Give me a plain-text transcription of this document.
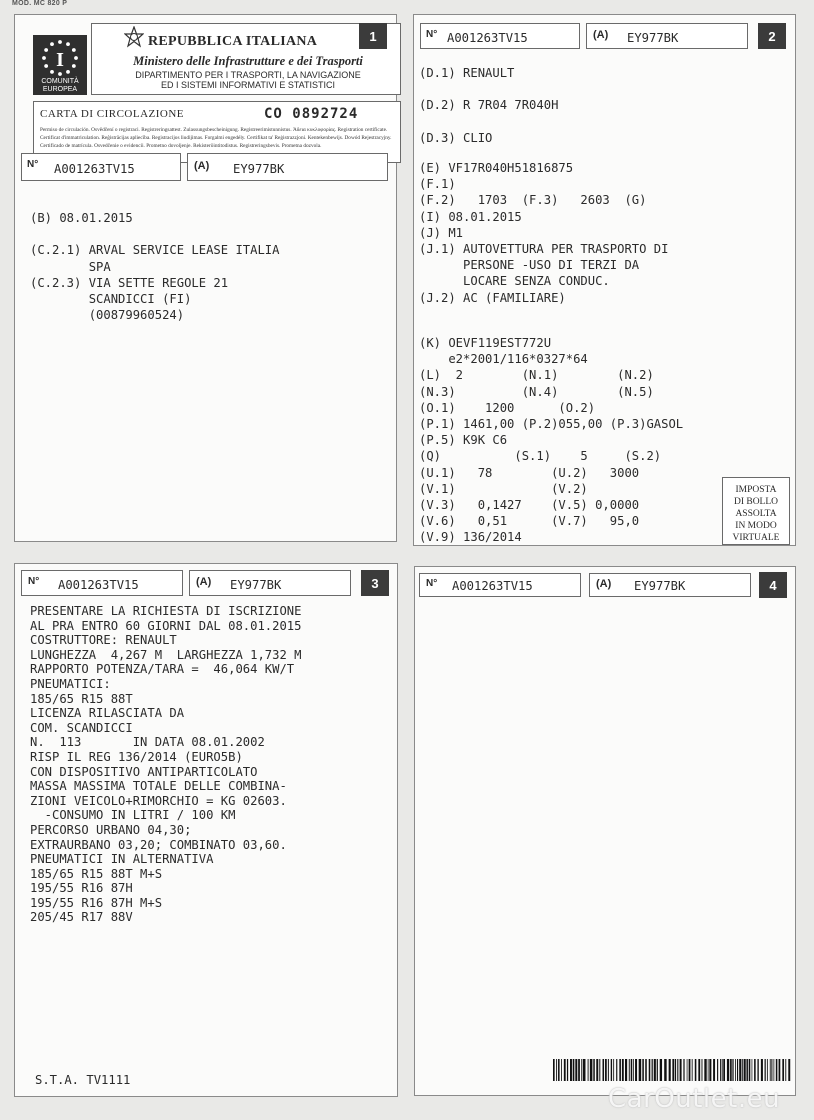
MOD. MC 820 P
I
COMUNITÀ
EUROPEA
REPUBBLICA ITALIANA
Ministero delle Infrastrutture e dei Trasporti
DIPARTIMENTO PER I TRASPORTI, LA NAVIGAZIONE
ED I SISTEMI INFORMATIVI E STATISTICI
1
CARTA DI CIRCOLAZIONE	CO 0892724
Permiso de circulación. Osvědčení o registraci. Registreringsattest. Zulassungsbescheinigung. Registreerimistunnistus. Άδεια κυκλοφορίας. Registration certificate. Certificat d'immatriculation. Reģistrācijas apliecība. Registracijos liudijimas. Forgalmi engedély. Certifikat ta' Reġistrazzjoni. Kentekenbewijs. Dowód Rejestracyjny. Certificado de matrícula. Osvedčenie o evidencii. Prometno dovoljenje. Rekisteröintitodistus. Registreringsbevis. Prometna dozvola.
N° A001263TV15	(A) EY977BK
(B) 08.01.2015

(C.2.1) ARVAL SERVICE LEASE ITALIA
SPA
(C.2.3) VIA SETTE REGOLE 21
SCANDICCI (FI)
(00879960524)
N° A001263TV15	(A) EY977BK	2
(D.1) RENAULT

(D.2) R 7R04 7R040H

(D.3) CLIO
(E) VF17R040H51816875
(F.1)
(F.2)   1703  (F.3)   2603  (G)
(I) 08.01.2015
(J) M1
(J.1) AUTOVETTURA PER TRASPORTO DI
PERSONE -USO DI TERZI DA
LOCARE SENZA CONDUC.
(J.2) AC (FAMILIARE)
(K) OEVF119EST772U
e2*2001/116*0327*64
(L)  2        (N.1)        (N.2)
(N.3)         (N.4)        (N.5)
(O.1)    1200      (O.2)
(P.1) 1461,00 (P.2)055,00 (P.3)GASOL
(P.5) K9K C6
(Q)          (S.1)    5     (S.2)
(U.1)   78        (U.2)   3000
(V.1)             (V.2)
(V.3)   0,1427    (V.5) 0,0000
(V.6)   0,51      (V.7)   95,0
(V.9) 136/2014
IMPOSTA
DI BOLLO
ASSOLTA
IN MODO
VIRTUALE
N° A001263TV15	(A) EY977BK	3
PRESENTARE LA RICHIESTA DI ISCRIZIONE
AL PRA ENTRO 60 GIORNI DAL 08.01.2015
COSTRUTTORE: RENAULT
LUNGHEZZA  4,267 M  LARGHEZZA 1,732 M
RAPPORTO POTENZA/TARA =  46,064 KW/T
PNEUMATICI:
185/65 R15 88T
LICENZA RILASCIATA DA
COM. SCANDICCI
N.  113       IN DATA 08.01.2002
RISP IL REG 136/2014 (EURO5B)
CON DISPOSITIVO ANTIPARTICOLATO
MASSA MASSIMA TOTALE DELLE COMBINA-
ZIONI VEICOLO+RIMORCHIO = KG 02603.
-CONSUMO IN LITRI / 100 KM
PERCORSO URBANO 04,30;
EXTRAURBANO 03,20; COMBINATO 03,60.
PNEUMATICI IN ALTERNATIVA
185/65 R15 88T M+S
195/55 R16 87H
195/55 R16 87H M+S
205/45 R17 88V
S.T.A. TV1111
N° A001263TV15	(A) EY977BK	4
CarOutlet.eu
